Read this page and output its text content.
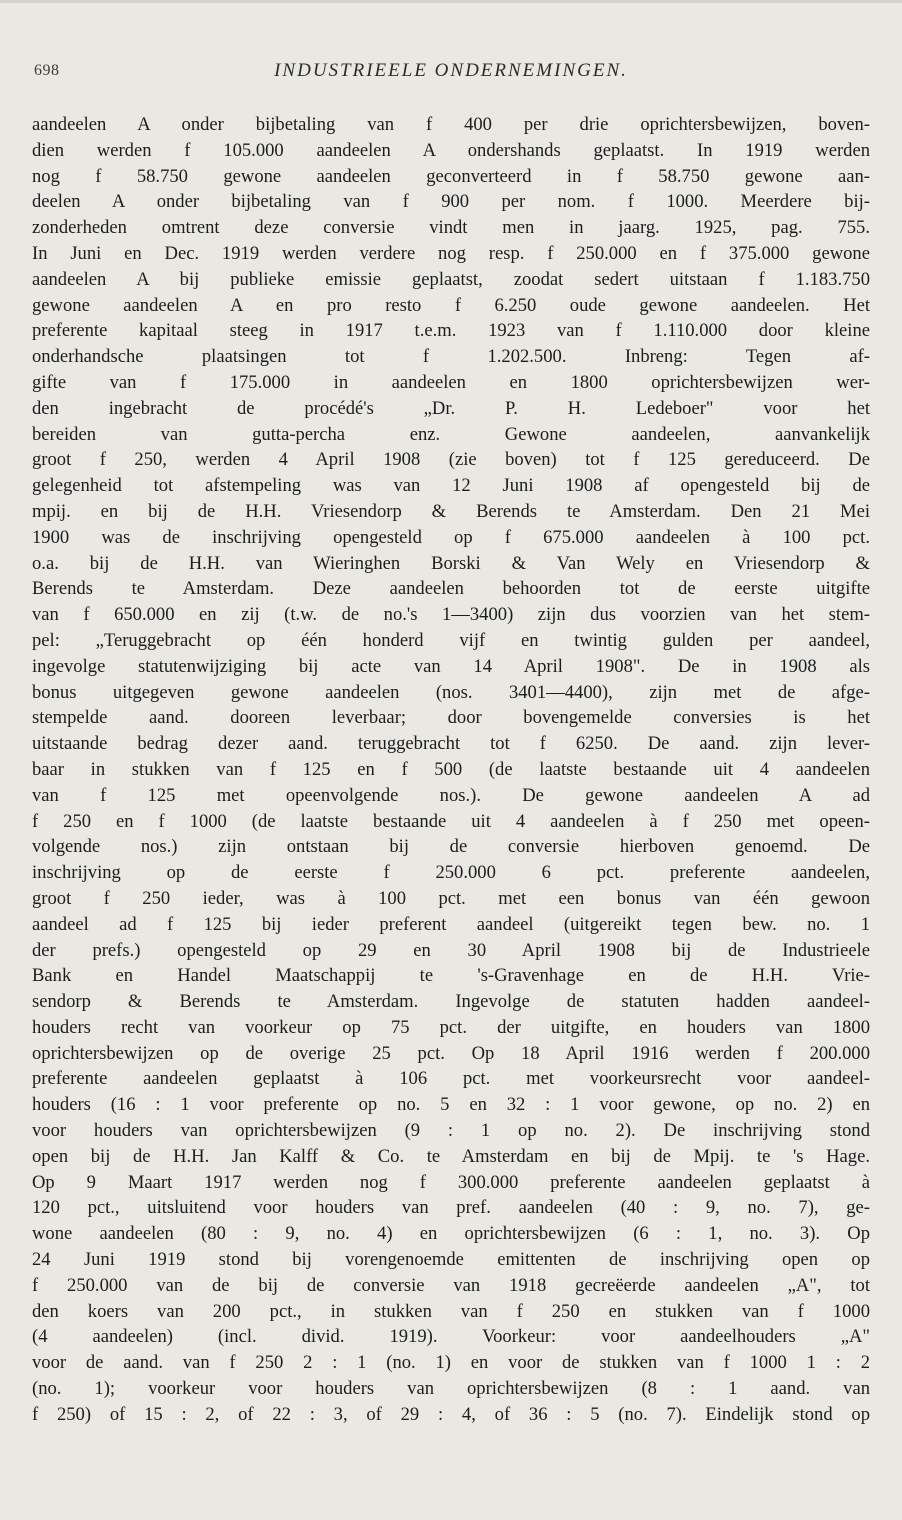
698	INDUSTRIEELE ONDERNEMINGEN.
aandeelen A onder bijbetaling van f 400 per drie oprichtersbewijzen, boven-
dien werden f 105.000 aandeelen A ondershands geplaatst. In 1919 werden
nog f 58.750 gewone aandeelen geconverteerd in f 58.750 gewone aan-
deelen A onder bijbetaling van f 900 per nom. f 1000. Meerdere bij-
zonderheden omtrent deze conversie vindt men in jaarg. 1925, pag. 755.
In Juni en Dec. 1919 werden verdere nog resp. f 250.000 en f 375.000 gewone
aandeelen A bij publieke emissie geplaatst, zoodat sedert uitstaan f 1.183.750
gewone aandeelen A en pro resto f 6.250 oude gewone aandeelen. Het
preferente kapitaal steeg in 1917 t.e.m. 1923 van f 1.110.000 door kleine
onderhandsche plaatsingen tot f 1.202.500. Inbreng: Tegen af-
gifte van f 175.000 in aandeelen en 1800 oprichtersbewijzen wer-
den ingebracht de procédé's „Dr. P. H. Ledeboer" voor het
bereiden van gutta-percha enz. Gewone aandeelen, aanvankelijk
groot f 250, werden 4 April 1908 (zie boven) tot f 125 gereduceerd. De
gelegenheid tot afstempeling was van 12 Juni 1908 af opengesteld bij de
mpij. en bij de H.H. Vriesendorp & Berends te Amsterdam. Den 21 Mei
1900 was de inschrijving opengesteld op f 675.000 aandeelen à 100 pct.
o.a. bij de H.H. van Wieringhen Borski & Van Wely en Vriesendorp &
Berends te Amsterdam. Deze aandeelen behoorden tot de eerste uitgifte
van f 650.000 en zij (t.w. de no.'s 1—3400) zijn dus voorzien van het stem-
pel: „Teruggebracht op één honderd vijf en twintig gulden per aandeel,
ingevolge statutenwijziging bij acte van 14 April 1908". De in 1908 als
bonus uitgegeven gewone aandeelen (nos. 3401—4400), zijn met de afge-
stempelde aand. dooreen leverbaar; door bovengemelde conversies is het
uitstaande bedrag dezer aand. teruggebracht tot f 6250. De aand. zijn lever-
baar in stukken van f 125 en f 500 (de laatste bestaande uit 4 aandeelen
van f 125 met opeenvolgende nos.). De gewone aandeelen A ad
f 250 en f 1000 (de laatste bestaande uit 4 aandeelen à f 250 met opeen-
volgende nos.) zijn ontstaan bij de conversie hierboven genoemd. De
inschrijving op de eerste f 250.000 6 pct. preferente aandeelen,
groot f 250 ieder, was à 100 pct. met een bonus van één gewoon
aandeel ad f 125 bij ieder preferent aandeel (uitgereikt tegen bew. no. 1
der prefs.) opengesteld op 29 en 30 April 1908 bij de Industrieele
Bank en Handel Maatschappij te 's-Gravenhage en de H.H. Vrie-
sendorp & Berends te Amsterdam. Ingevolge de statuten hadden aandeel-
houders recht van voorkeur op 75 pct. der uitgifte, en houders van 1800
oprichtersbewijzen op de overige 25 pct. Op 18 April 1916 werden f 200.000
preferente aandeelen geplaatst à 106 pct. met voorkeursrecht voor aandeel-
houders (16 : 1 voor preferente op no. 5 en 32 : 1 voor gewone, op no. 2) en
voor houders van oprichtersbewijzen (9 : 1 op no. 2). De inschrijving stond
open bij de H.H. Jan Kalff & Co. te Amsterdam en bij de Mpij. te 's Hage.
Op 9 Maart 1917 werden nog f 300.000 preferente aandeelen geplaatst à
120 pct., uitsluitend voor houders van pref. aandeelen (40 : 9, no. 7), ge-
wone aandeelen (80 : 9, no. 4) en oprichtersbewijzen (6 : 1, no. 3). Op
24 Juni 1919 stond bij vorengenoemde emittenten de inschrijving open op
f 250.000 van de bij de conversie van 1918 gecreëerde aandeelen „A", tot
den koers van 200 pct., in stukken van f 250 en stukken van f 1000
(4 aandeelen) (incl. divid. 1919). Voorkeur: voor aandeelhouders „A"
voor de aand. van f 250 2 : 1 (no. 1) en voor de stukken van f 1000 1 : 2
(no. 1); voorkeur voor houders van oprichtersbewijzen (8 : 1 aand. van
f 250) of 15 : 2, of 22 : 3, of 29 : 4, of 36 : 5 (no. 7). Eindelijk stond op
